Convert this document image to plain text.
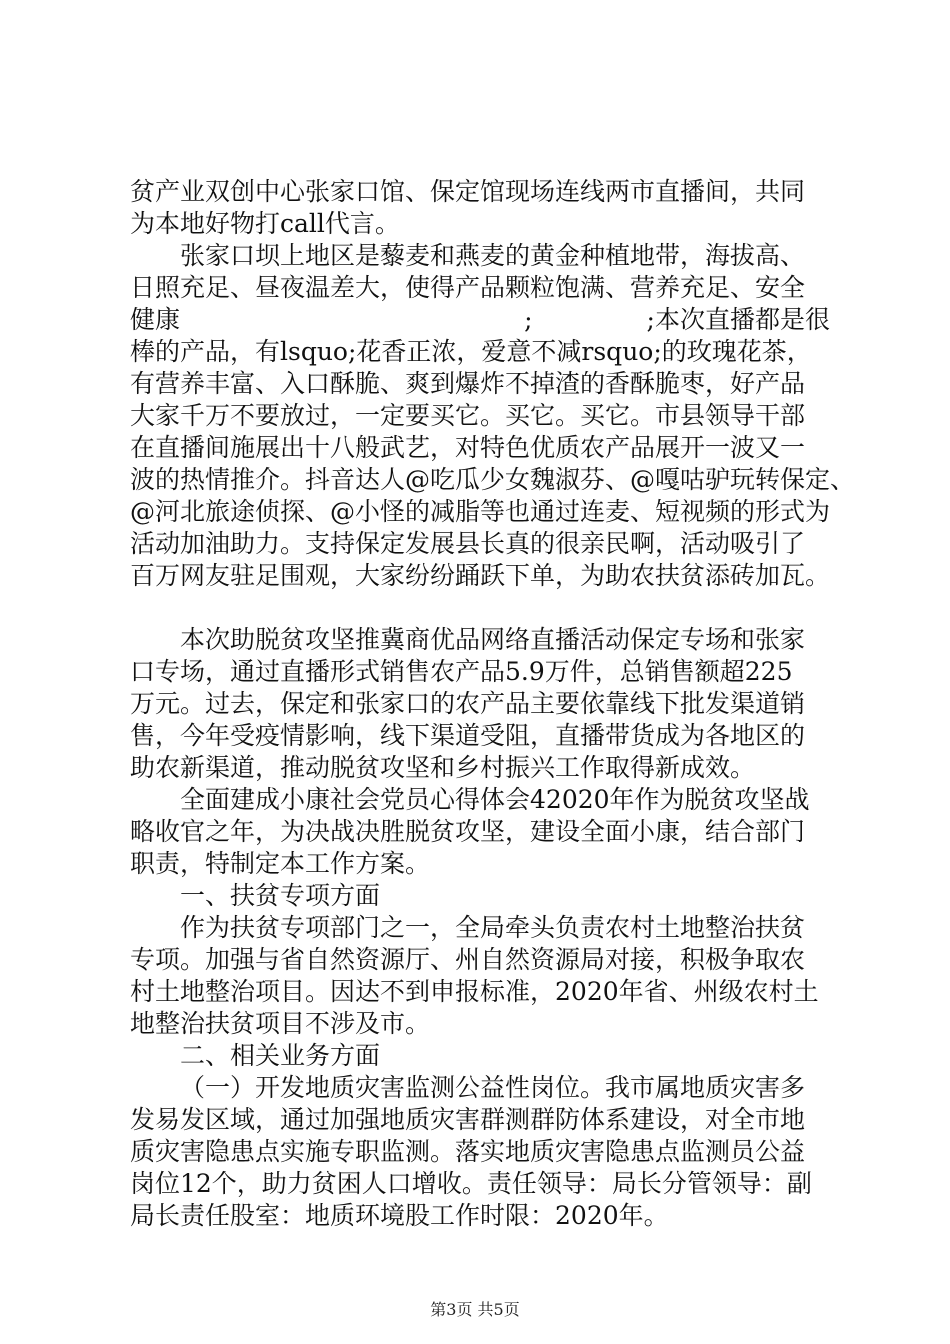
贫产业双创中心张家口馆、保定馆现场连线两市直播间，共同
为本地好物打call代言。
张家口坝上地区是藜麦和燕麦的黄金种植地带，海拔高、
日照充足、昼夜温差大，使得产品颗粒饱满、营养充足、安全
健康	;	;本次直播都是很
棒的产品，有lsquo;花香正浓，爱意不减rsquo;的玫瑰花茶，
有营养丰富、入口酥脆、爽到爆炸不掉渣的香酥脆枣，好产品
大家千万不要放过，一定要买它。买它。买它。市县领导干部
在直播间施展出十八般武艺，对特色优质农产品展开一波又一
波的热情推介。抖音达人@吃瓜少女魏淑芬、@嘎咕驴玩转保定、
@河北旅途侦探、@小怪的减脂等也通过连麦、短视频的形式为
活动加油助力。支持保定发展县长真的很亲民啊，活动吸引了
百万网友驻足围观，大家纷纷踊跃下单，为助农扶贫添砖加瓦。
本次助脱贫攻坚推冀商优品网络直播活动保定专场和张家
口专场，通过直播形式销售农产品5.9万件，总销售额超225
万元。过去，保定和张家口的农产品主要依靠线下批发渠道销
售，今年受疫情影响，线下渠道受阻，直播带货成为各地区的
助农新渠道，推动脱贫攻坚和乡村振兴工作取得新成效。
全面建成小康社会党员心得体会42020年作为脱贫攻坚战
略收官之年，为决战决胜脱贫攻坚，建设全面小康，结合部门
职责，特制定本工作方案。
一、扶贫专项方面
作为扶贫专项部门之一，全局牵头负责农村土地整治扶贫
专项。加强与省自然资源厅、州自然资源局对接，积极争取农
村土地整治项目。因达不到申报标准，2020年省、州级农村土
地整治扶贫项目不涉及市。
二、相关业务方面
（一）开发地质灾害监测公益性岗位。我市属地质灾害多
发易发区域，通过加强地质灾害群测群防体系建设，对全市地
质灾害隐患点实施专职监测。落实地质灾害隐患点监测员公益
岗位12个，助力贫困人口增收。责任领导：局长分管领导：副
局长责任股室：地质环境股工作时限：2020年。
第3页 共5页
